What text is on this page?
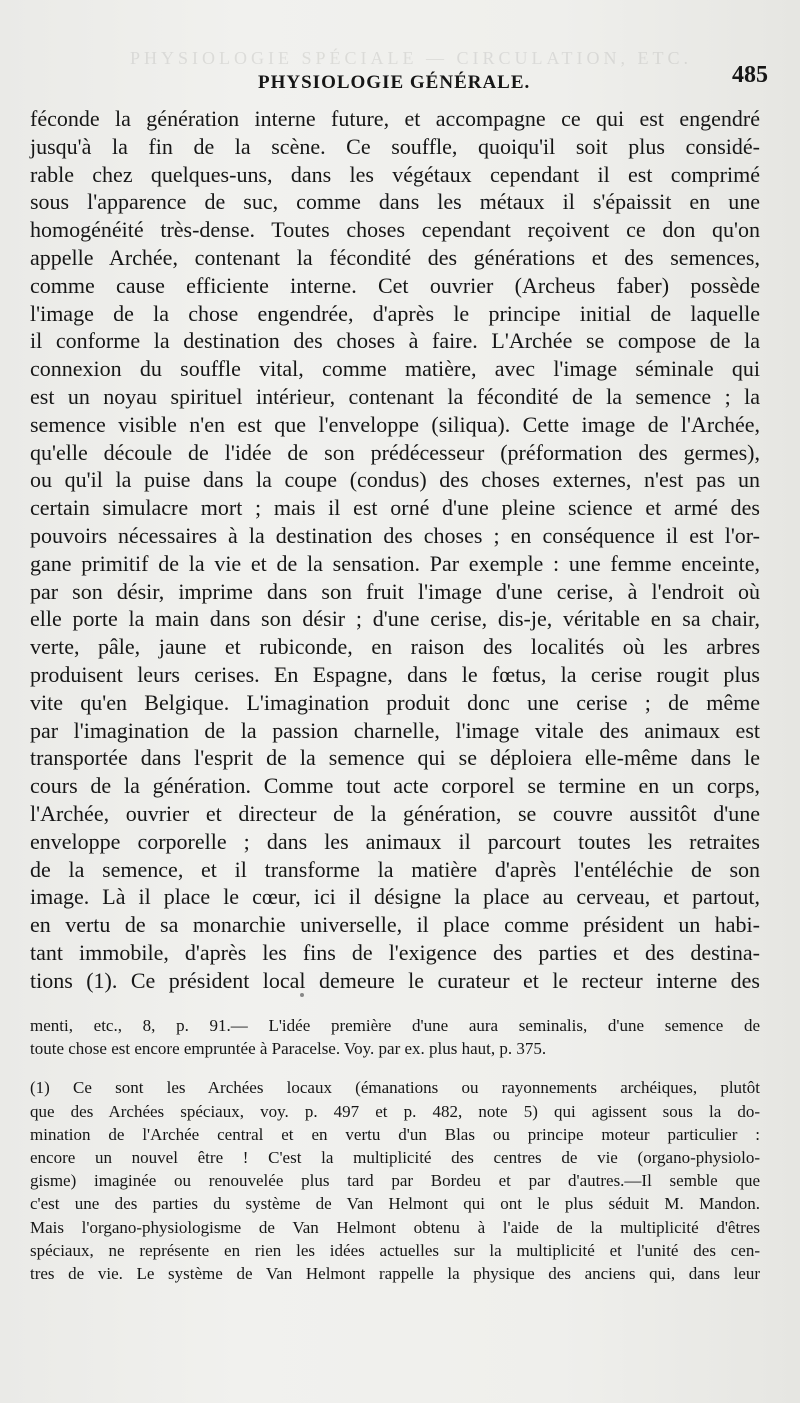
PHYSIOLOGIE SPÉCIALE — CIRCULATION, ETC.
PHYSIOLOGIE GÉNÉRALE.	485
féconde la génération interne future, et accompagne ce qui est engendré
jusqu'à la fin de la scène. Ce souffle, quoiqu'il soit plus considé-
rable chez quelques-uns, dans les végétaux cependant il est comprimé
sous l'apparence de suc, comme dans les métaux il s'épaissit en une
homogénéité très-dense. Toutes choses cependant reçoivent ce don qu'on
appelle Archée, contenant la fécondité des générations et des semences,
comme cause efficiente interne. Cet ouvrier (Archeus faber) possède
l'image de la chose engendrée, d'après le principe initial de laquelle
il conforme la destination des choses à faire. L'Archée se compose de la
connexion du souffle vital, comme matière, avec l'image séminale qui
est un noyau spirituel intérieur, contenant la fécondité de la semence ; la
semence visible n'en est que l'enveloppe (siliqua). Cette image de l'Archée,
qu'elle découle de l'idée de son prédécesseur (préformation des germes),
ou qu'il la puise dans la coupe (condus) des choses externes, n'est pas un
certain simulacre mort ; mais il est orné d'une pleine science et armé des
pouvoirs nécessaires à la destination des choses ; en conséquence il est l'or-
gane primitif de la vie et de la sensation. Par exemple : une femme enceinte,
par son désir, imprime dans son fruit l'image d'une cerise, à l'endroit où
elle porte la main dans son désir ; d'une cerise, dis-je, véritable en sa chair,
verte, pâle, jaune et rubiconde, en raison des localités où les arbres
produisent leurs cerises. En Espagne, dans le fœtus, la cerise rougit plus
vite qu'en Belgique. L'imagination produit donc une cerise ; de même
par l'imagination de la passion charnelle, l'image vitale des animaux est
transportée dans l'esprit de la semence qui se déploiera elle-même dans le
cours de la génération. Comme tout acte corporel se termine en un corps,
l'Archée, ouvrier et directeur de la génération, se couvre aussitôt d'une
enveloppe corporelle ; dans les animaux il parcourt toutes les retraites
de la semence, et il transforme la matière d'après l'entéléchie de son
image. Là il place le cœur, ici il désigne la place au cerveau, et partout,
en vertu de sa monarchie universelle, il place comme président un habi-
tant immobile, d'après les fins de l'exigence des parties et des destina-
tions (1). Ce président local demeure le curateur et le recteur interne des
menti, etc., 8, p. 91.— L'idée première d'une aura seminalis, d'une semence de
toute chose est encore empruntée à Paracelse. Voy. par ex. plus haut, p. 375.
(1) Ce sont les Archées locaux (émanations ou rayonnements archéiques, plutôt
que des Archées spéciaux, voy. p. 497 et p. 482, note 5) qui agissent sous la do-
mination de l'Archée central et en vertu d'un Blas ou principe moteur particulier :
encore un nouvel être ! C'est la multiplicité des centres de vie (organo-physiolo-
gisme) imaginée ou renouvelée plus tard par Bordeu et par d'autres.—Il semble que
c'est une des parties du système de Van Helmont qui ont le plus séduit M. Mandon.
Mais l'organo-physiologisme de Van Helmont obtenu à l'aide de la multiplicité d'êtres
spéciaux, ne représente en rien les idées actuelles sur la multiplicité et l'unité des cen-
tres de vie. Le système de Van Helmont rappelle la physique des anciens qui, dans leur
